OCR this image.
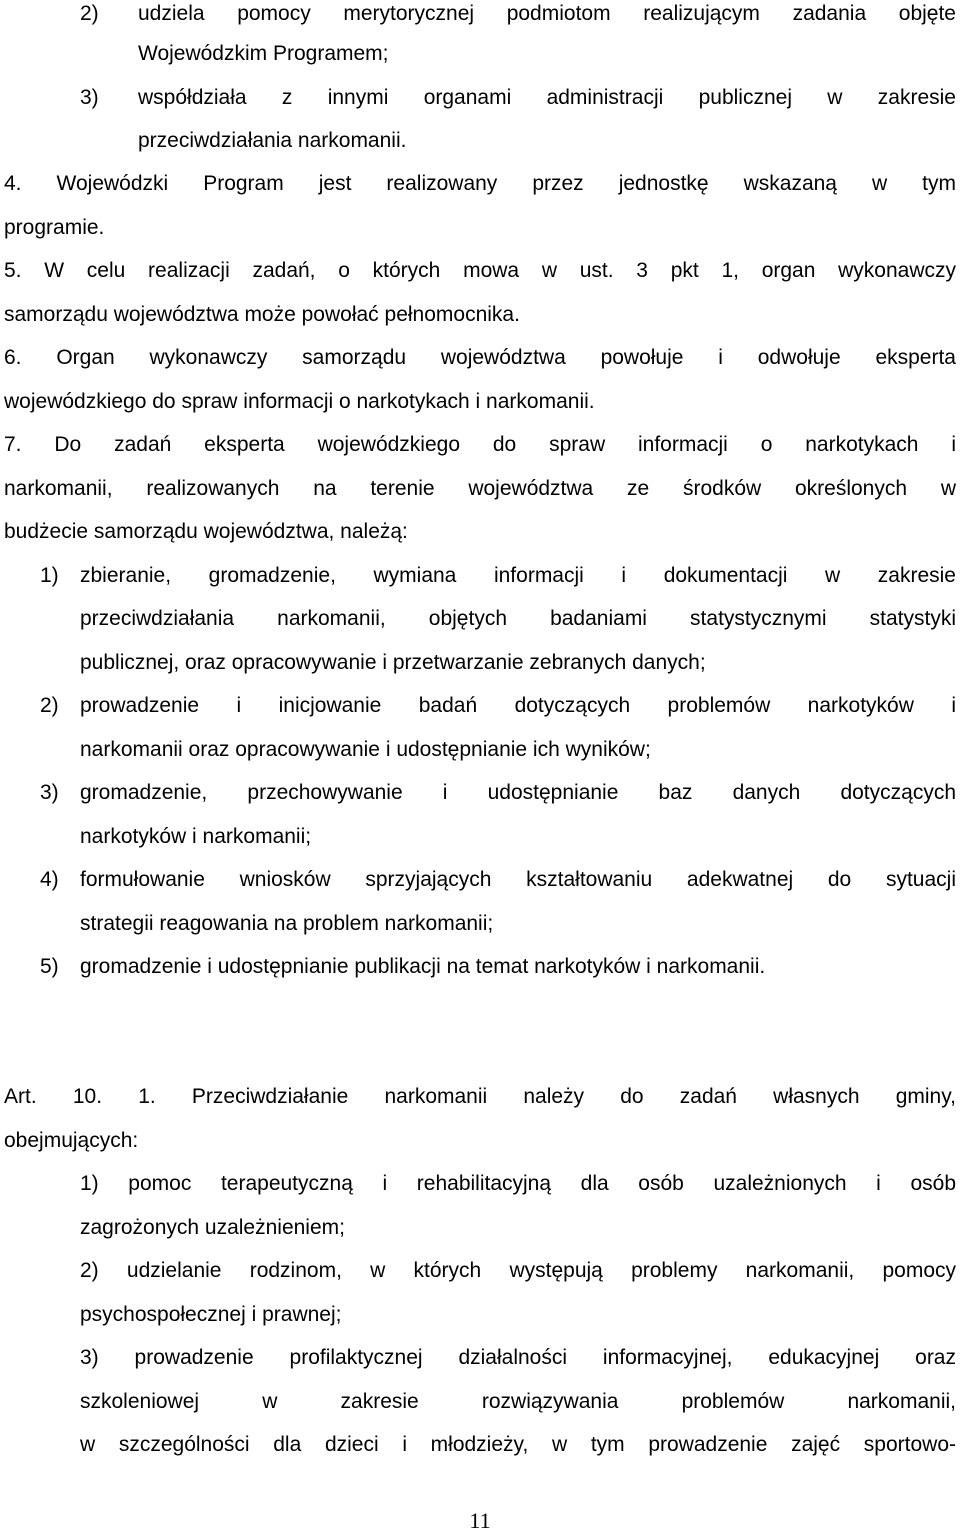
2) udziela pomocy merytorycznej podmiotom realizującym zadania objęte
Wojewódzkim Programem;
3) współdziała z innymi organami administracji publicznej w zakresie
przeciwdziałania narkomanii.
4. Wojewódzki Program jest realizowany przez jednostkę wskazaną w tym
programie.
5. W celu realizacji zadań, o których mowa w ust. 3 pkt 1, organ wykonawczy
samorządu województwa może powołać pełnomocnika.
6. Organ wykonawczy samorządu województwa powołuje i odwołuje eksperta
wojewódzkiego do spraw informacji o narkotykach i narkomanii.
7. Do zadań eksperta wojewódzkiego do spraw informacji o narkotykach i
narkomanii, realizowanych na terenie województwa ze środków określonych w
budżecie samorządu województwa, należą:
1) zbieranie, gromadzenie, wymiana informacji i dokumentacji w zakresie
przeciwdziałania narkomanii, objętych badaniami statystycznymi statystyki
publicznej, oraz opracowywanie i przetwarzanie zebranych danych;
2) prowadzenie i inicjowanie badań dotyczących problemów narkotyków i
narkomanii oraz opracowywanie i udostępnianie ich wyników;
3) gromadzenie, przechowywanie i udostępnianie baz danych dotyczących
narkotyków i narkomanii;
4) formułowanie wniosków sprzyjających kształtowaniu adekwatnej do sytuacji
strategii reagowania na problem narkomanii;
5) gromadzenie i udostępnianie publikacji na temat narkotyków i narkomanii.
Art. 10. 1. Przeciwdziałanie narkomanii należy do zadań własnych gminy,
obejmujących:
1) pomoc terapeutyczną i rehabilitacyjną dla osób uzależnionych i osób
zagrożonych uzależnieniem;
2) udzielanie rodzinom, w których występują problemy narkomanii, pomocy
psychospołecznej i prawnej;
3) prowadzenie profilaktycznej działalności informacyjnej, edukacyjnej oraz
szkoleniowej w zakresie rozwiązywania problemów narkomanii,
w szczególności dla dzieci i młodzieży, w tym prowadzenie zajęć sportowo-
11
